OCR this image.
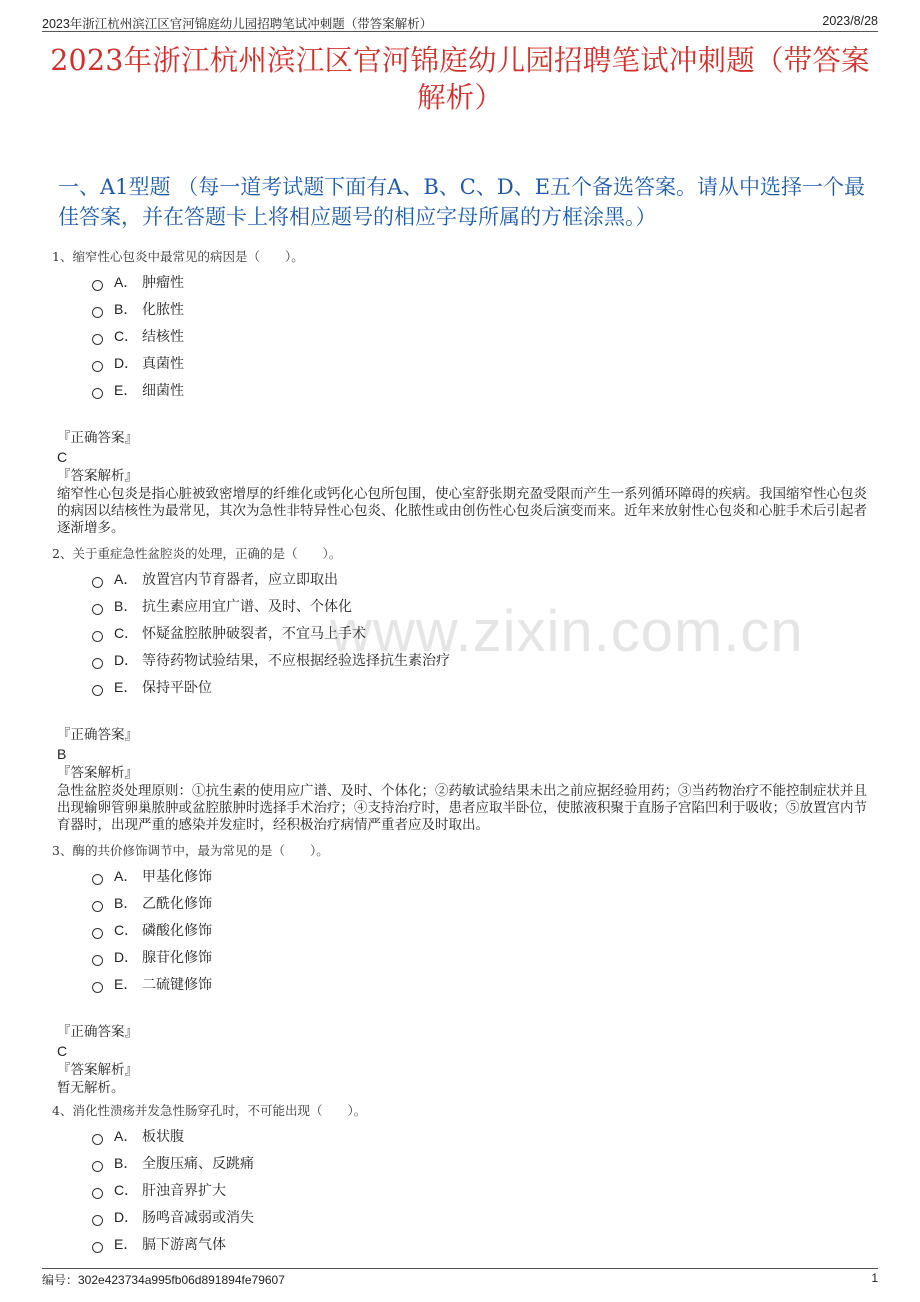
2023年浙江杭州滨江区官河锦庭幼儿园招聘笔试冲刺题（带答案解析）	2023/8/28
2023年浙江杭州滨江区官河锦庭幼儿园招聘笔试冲刺题（带答案解析）
一、A1型题 （每一道考试题下面有A、B、C、D、E五个备选答案。请从中选择一个最佳答案，并在答题卡上将相应题号的相应字母所属的方框涂黑。）
www.zixin.com.cn
1、缩窄性心包炎中最常见的病因是（　　）。
A． 肿瘤性
B． 化脓性
C． 结核性
D． 真菌性
E． 细菌性
『正确答案』
C
『答案解析』
缩窄性心包炎是指心脏被致密增厚的纤维化或钙化心包所包围，使心室舒张期充盈受限而产生一系列循环障碍的疾病。我国缩窄性心包炎的病因以结核性为最常见，其次为急性非特异性心包炎、化脓性或由创伤性心包炎后演变而来。近年来放射性心包炎和心脏手术后引起者逐渐增多。
2、关于重症急性盆腔炎的处理，正确的是（　　）。
A． 放置宫内节育器者，应立即取出
B． 抗生素应用宜广谱、及时、个体化
C． 怀疑盆腔脓肿破裂者，不宜马上手术
D． 等待药物试验结果，不应根据经验选择抗生素治疗
E． 保持平卧位
『正确答案』
B
『答案解析』
急性盆腔炎处理原则：①抗生素的使用应广谱、及时、个体化；②药敏试验结果未出之前应据经验用药；③当药物治疗不能控制症状并且出现输卵管卵巢脓肿或盆腔脓肿时选择手术治疗；④支持治疗时，患者应取半卧位，使脓液积聚于直肠子宫陷凹利于吸收；⑤放置宫内节育器时，出现严重的感染并发症时，经积极治疗病情严重者应及时取出。
3、酶的共价修饰调节中，最为常见的是（　　）。
A． 甲基化修饰
B． 乙酰化修饰
C． 磷酸化修饰
D． 腺苷化修饰
E． 二硫键修饰
『正确答案』
C
『答案解析』
暂无解析。
4、消化性溃疡并发急性肠穿孔时，不可能出现（　　）。
A． 板状腹
B． 全腹压痛、反跳痛
C． 肝浊音界扩大
D． 肠鸣音减弱或消失
E． 膈下游离气体
编号：302e423734a995fb06d891894fe79607	1
